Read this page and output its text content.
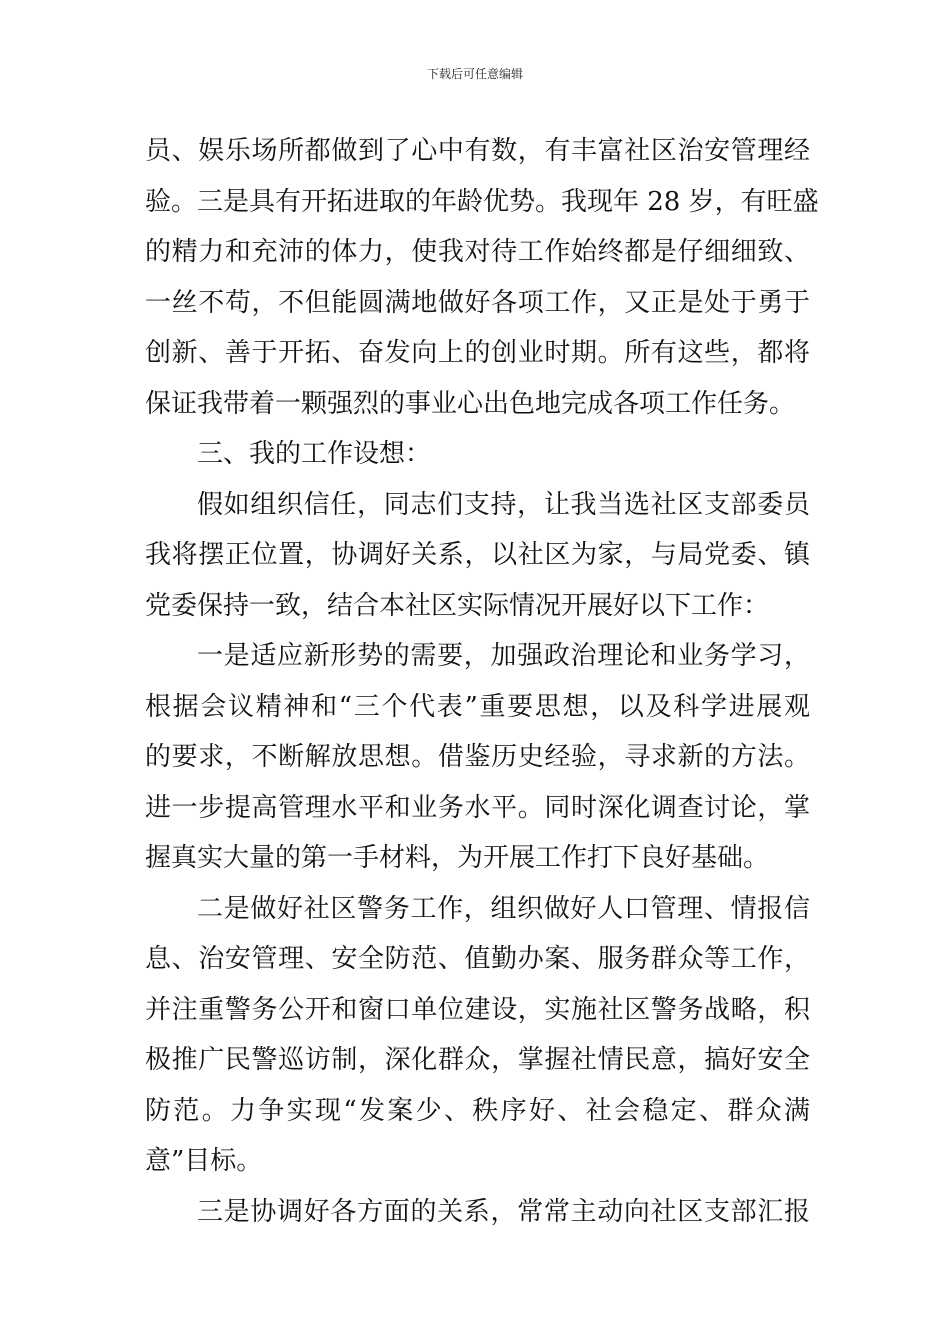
下载后可任意编辑
员、娱乐场所都做到了心中有数，有丰富社区治安管理经
验。三是具有开拓进取的年龄优势。我现年 28 岁，有旺盛
的精力和充沛的体力，使我对待工作始终都是仔细细致、
一丝不苟，不但能圆满地做好各项工作，又正是处于勇于
创新、善于开拓、奋发向上的创业时期。所有这些，都将
保证我带着一颗强烈的事业心出色地完成各项工作任务。
三、我的工作设想：
假如组织信任，同志们支持，让我当选社区支部委员
我将摆正位置，协调好关系，以社区为家，与局党委、镇
党委保持一致，结合本社区实际情况开展好以下工作：
一是适应新形势的需要，加强政治理论和业务学习，
根据会议精神和“三个代表”重要思想，以及科学进展观
的要求，不断解放思想。借鉴历史经验，寻求新的方法。
进一步提高管理水平和业务水平。同时深化调查讨论，掌
握真实大量的第一手材料，为开展工作打下良好基础。
二是做好社区警务工作，组织做好人口管理、情报信
息、治安管理、安全防范、值勤办案、服务群众等工作，
并注重警务公开和窗口单位建设，实施社区警务战略，积
极推广民警巡访制，深化群众，掌握社情民意，搞好安全
防范。力争实现“发案少、秩序好、社会稳定、群众满
意”目标。
三是协调好各方面的关系，常常主动向社区支部汇报
